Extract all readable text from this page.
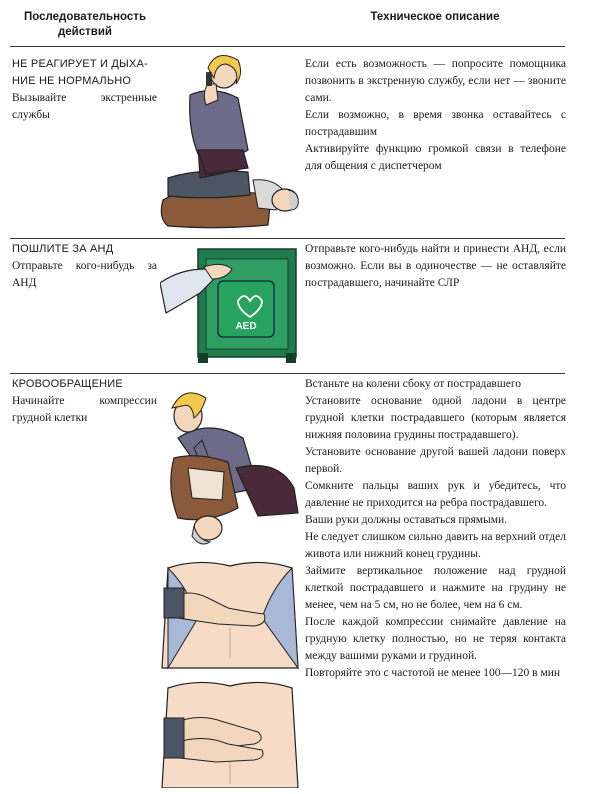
Последовательность действий
Техническое описание
НЕ РЕАГИРУЕТ И ДЫХА-
НИЕ НЕ НОРМАЛЬНО
Вызывайте экстренные службы

Если есть возможность — попросите помощника позвонить в экстренную службу, если нет — звоните сами.

Если возможно, в время звонка оставайтесь с пострадавшим

Активируйте функцию громкой связи в телефоне для общения с диспетчером

ПОШЛИТЕ ЗА АНД
Отправьте кого-нибудь за АНД
AED

Отправьте кого-нибудь найти и принести АНД, если возможно. Если вы в одиночестве — не оставляйте пострадавшего, начинайте СЛР

КРОВООБРАЩЕНИЕ
Начинайте компрессии грудной клетки

Встаньте на колени сбоку от пострадавшего

Установите основание одной ладони в центре грудной клетки пострадавшего (которым является нижняя половина грудины пострадавшего).

Установите основание другой вашей ладони поверх первой.

Сомкните пальцы ваших рук и убедитесь, что давление не приходится на ребра пострадавшего.

Ваши руки должны оставаться прямыми.

Не следует слишком сильно давить на верхний отдел живота или нижний конец грудины.

Займите вертикальное положение над грудной клеткой пострадавшего и нажмите на грудину не менее, чем на 5 см, но не более, чем на 6 см.

После каждой компрессии снимайте давление на грудную клетку полностью, но не теряя контакта между вашими руками и грудиной.

Повторяйте это с частотой не менее 100—120 в мин
